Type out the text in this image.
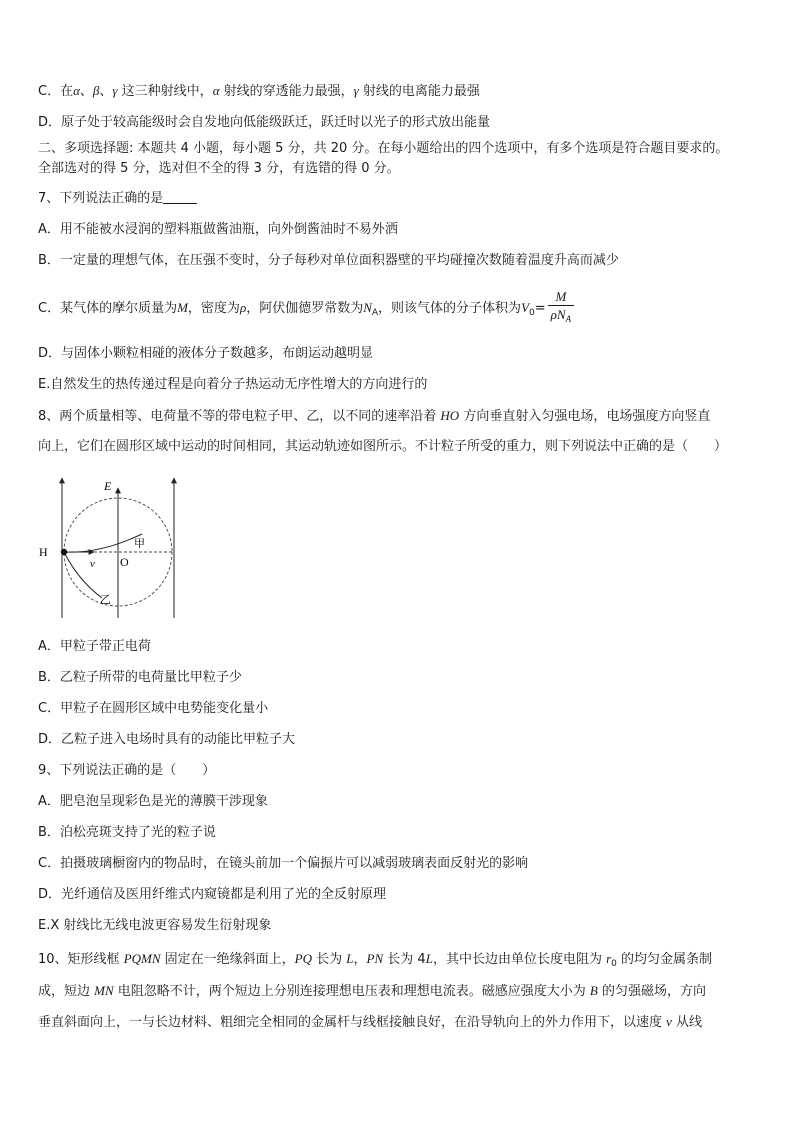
C．在α、β、γ 这三种射线中，α 射线的穿透能力最强，γ 射线的电离能力最强
D．原子处于较高能级时会自发地向低能级跃迁，跃迁时以光子的形式放出能量
二、多项选择题: 本题共 4 小题，每小题 5 分，共 20 分。在每小题给出的四个选项中，有多个选项是符合题目要求的。
全部选对的得 5 分，选对但不全的得 3 分，有选错的得 0 分。
7、下列说法正确的是
A．用不能被水浸润的塑料瓶做酱油瓶，向外倒酱油时不易外洒
B．一定量的理想气体，在压强不变时，分子每秒对单位面积器壁的平均碰撞次数随着温度升高而减少
C．某气体的摩尔质量为M，密度为ρ，阿伏伽德罗常数为$N_A$，则该气体的分子体积为$V_0= \frac{M}{\rho N_A}$
D．与固体小颗粒相碰的液体分子数越多，布朗运动越明显
E.自然发生的热传递过程是向着分子热运动无序性增大的方向进行的
8、两个质量相等、电荷量不等的带电粒子甲、乙，以不同的速率沿着 HO 方向垂直射入匀强电场，电场强度方向竖直
向上，它们在圆形区域中运动的时间相同，其运动轨迹如图所示。不计粒子所受的重力，则下列说法中正确的是（　　）
H
E
O
甲
乙
v
A．甲粒子带正电荷
B．乙粒子所带的电荷量比甲粒子少
C．甲粒子在圆形区域中电势能变化量小
D．乙粒子进入电场时具有的动能比甲粒子大
9、下列说法正确的是（　　）
A．肥皂泡呈现彩色是光的薄膜干涉现象
B．泊松亮斑支持了光的粒子说
C．拍摄玻璃橱窗内的物品时，在镜头前加一个偏振片可以减弱玻璃表面反射光的影响
D．光纤通信及医用纤维式内窥镜都是利用了光的全反射原理
E.X 射线比无线电波更容易发生衍射现象
10、矩形线框 PQMN 固定在一绝缘斜面上，PQ 长为 L，PN 长为 4L，其中长边由单位长度电阻为 $r_0$ 的均匀金属条制
成，短边 MN 电阻忽略不计，两个短边上分别连接理想电压表和理想电流表。磁感应强度大小为 B 的匀强磁场，方向
垂直斜面向上，一与长边材料、粗细完全相同的金属杆与线框接触良好，在沿导轨向上的外力作用下，以速度 v 从线
